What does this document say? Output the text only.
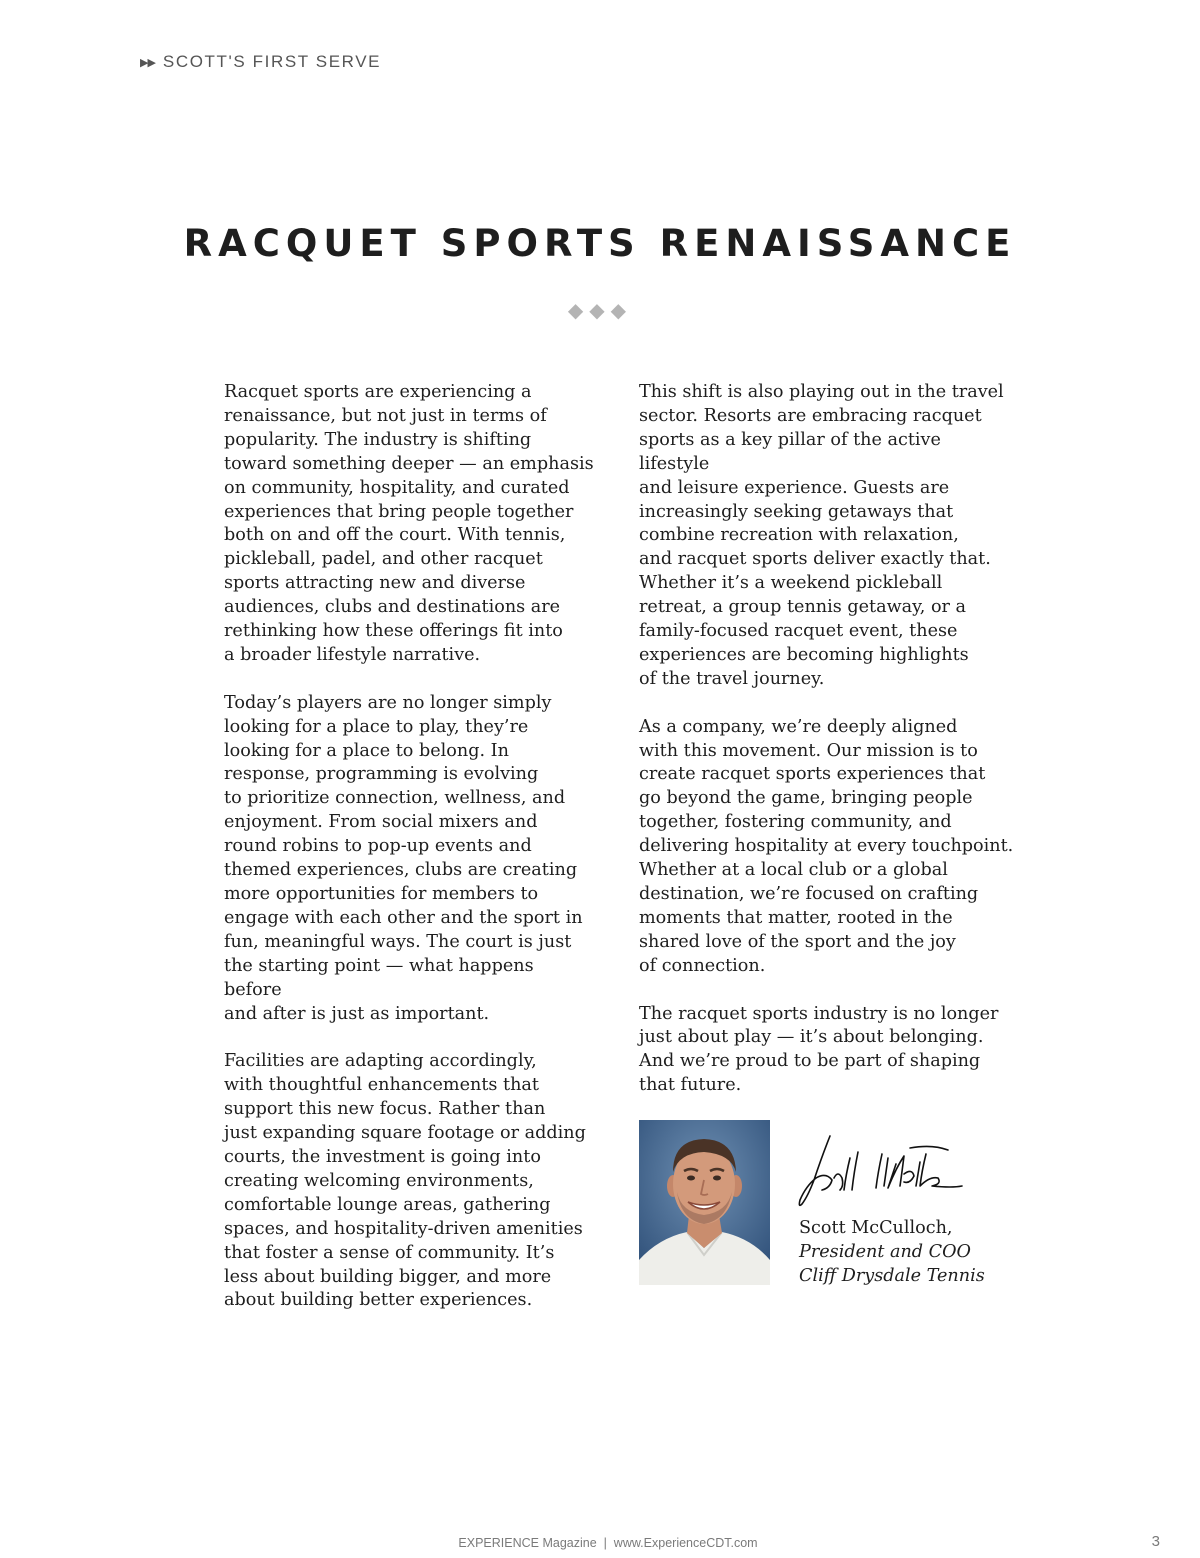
▶▶ SCOTT'S FIRST SERVE
RACQUET SPORTS RENAISSANCE
◆◆◆

Racquet sports are experiencing a
renaissance, but not just in terms of
popularity. The industry is shifting
toward something deeper — an emphasis
on community, hospitality, and curated
experiences that bring people together
both on and off the court. With tennis,
pickleball, padel, and other racquet
sports attracting new and diverse
audiences, clubs and destinations are
rethinking how these offerings fit into
a broader lifestyle narrative.

Today’s players are no longer simply
looking for a place to play, they’re
looking for a place to belong. In
response, programming is evolving
to prioritize connection, wellness, and
enjoyment. From social mixers and
round robins to pop-up events and
themed experiences, clubs are creating
more opportunities for members to
engage with each other and the sport in
fun, meaningful ways. The court is just
the starting point — what happens before
and after is just as important.

Facilities are adapting accordingly,
with thoughtful enhancements that
support this new focus. Rather than
just expanding square footage or adding
courts, the investment is going into
creating welcoming environments,
comfortable lounge areas, gathering
spaces, and hospitality-driven amenities
that foster a sense of community. It’s
less about building bigger, and more
about building better experiences.

This shift is also playing out in the travel
sector. Resorts are embracing racquet
sports as a key pillar of the active lifestyle
and leisure experience. Guests are
increasingly seeking getaways that
combine recreation with relaxation,
and racquet sports deliver exactly that.
Whether it’s a weekend pickleball
retreat, a group tennis getaway, or a
family-focused racquet event, these
experiences are becoming highlights
of the travel journey.

As a company, we’re deeply aligned
with this movement. Our mission is to
create racquet sports experiences that
go beyond the game, bringing people
together, fostering community, and
delivering hospitality at every touchpoint.
Whether at a local club or a global
destination, we’re focused on crafting
moments that matter, rooted in the
shared love of the sport and the joy
of connection.

The racquet sports industry is no longer
just about play — it’s about belonging.
And we’re proud to be part of shaping
that future.

Scott McCulloch,
President and COO
Cliff Drysdale Tennis
EXPERIENCE Magazine  |  www.ExperienceCDT.com	3
